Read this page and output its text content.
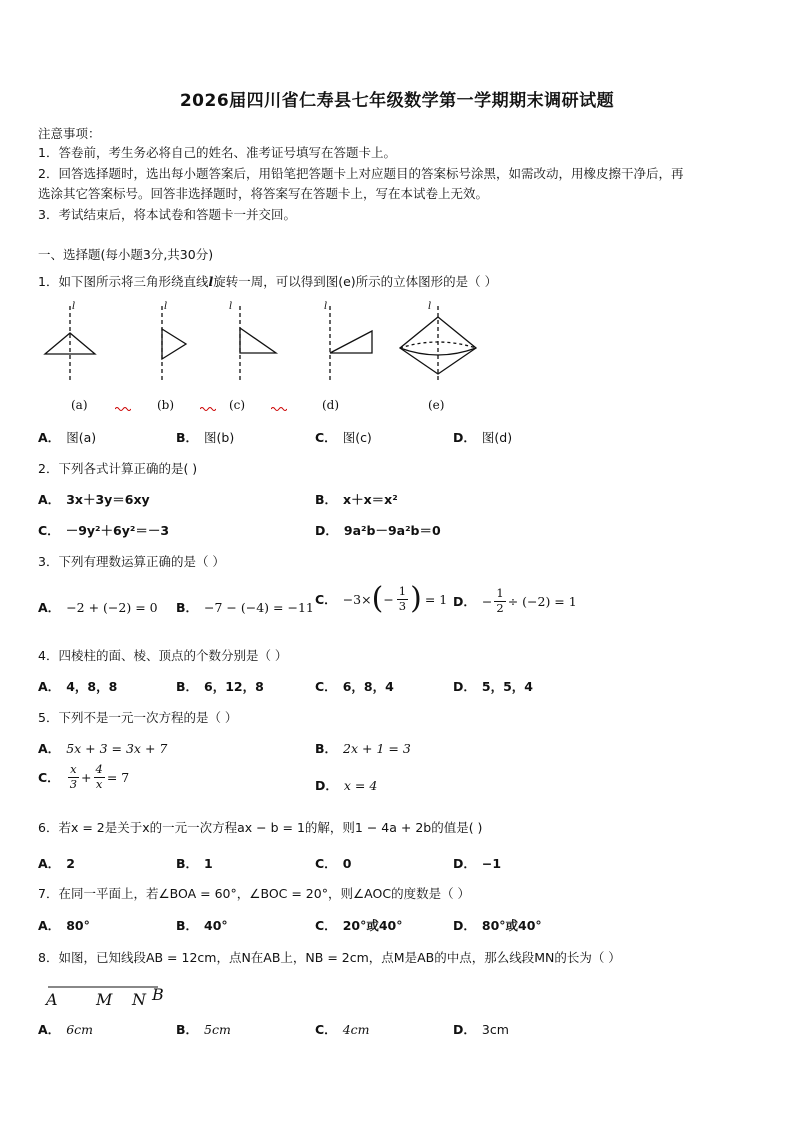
2026届四川省仁寿县七年级数学第一学期期末调研试题
注意事项：
1．答卷前，考生务必将自己的姓名、准考证号填写在答题卡上。
2．回答选择题时，选出每小题答案后，用铅笔把答题卡上对应题目的答案标号涂黑，如需改动，用橡皮擦干净后，再
选涂其它答案标号。回答非选择题时，将答案写在答题卡上，写在本试卷上无效。
3．考试结束后，将本试卷和答题卡一并交回。
一、选择题(每小题3分,共30分)
1．如下图所示将三角形绕直线l旋转一周，可以得到图(e)所示的立体图形的是（ ）
l	l	l	l	l
(a)	(b)	(c)	(d)	(e)
A． 图(a)	B． 图(b)	C． 图(c)	D． 图(d)
2．下列各式计算正确的是( )
A． 3x＋3y＝6xy	B． x＋x＝x²
C． －9y²＋6y²＝－3	D． 9a²b－9a²b＝0
3．下列有理数运算正确的是（ ）
A． −2 + (−2) = 0 B． −7 − (−4) = −11
C． −3× ( − $\frac{1}{3}$ ) = 1 D． − $\frac{1}{2} \div (-2) = 1$
4．四棱柱的面、棱、顶点的个数分别是（ ）
A． 4，8，8	B． 6，12，8	C． 6，8，4	D． 5，5，4
5．下列不是一元一次方程的是（ ）
A． 5x + 3 = 3x + 7	B． 2x + 1 = 3
C． $\frac{x}{3} + \frac{4}{x} = 7$
D． x = 4
6．若x = 2是关于x的一元一次方程ax − b = 1的解，则1 − 4a + 2b的值是( )
A． 2	B． 1	C． 0	D． −1
7．在同一平面上，若∠BOA = 60°，∠BOC = 20°，则∠AOC的度数是（ ）
A． 80°	B． 40°	C． 20°或40°	D． 80°或40°
8．如图，已知线段AB = 12cm，点N在AB上，NB = 2cm，点M是AB的中点，那么线段MN的长为（ ）
A M N B
A． 6cm	B． 5cm	C． 4cm	D． 3cm
